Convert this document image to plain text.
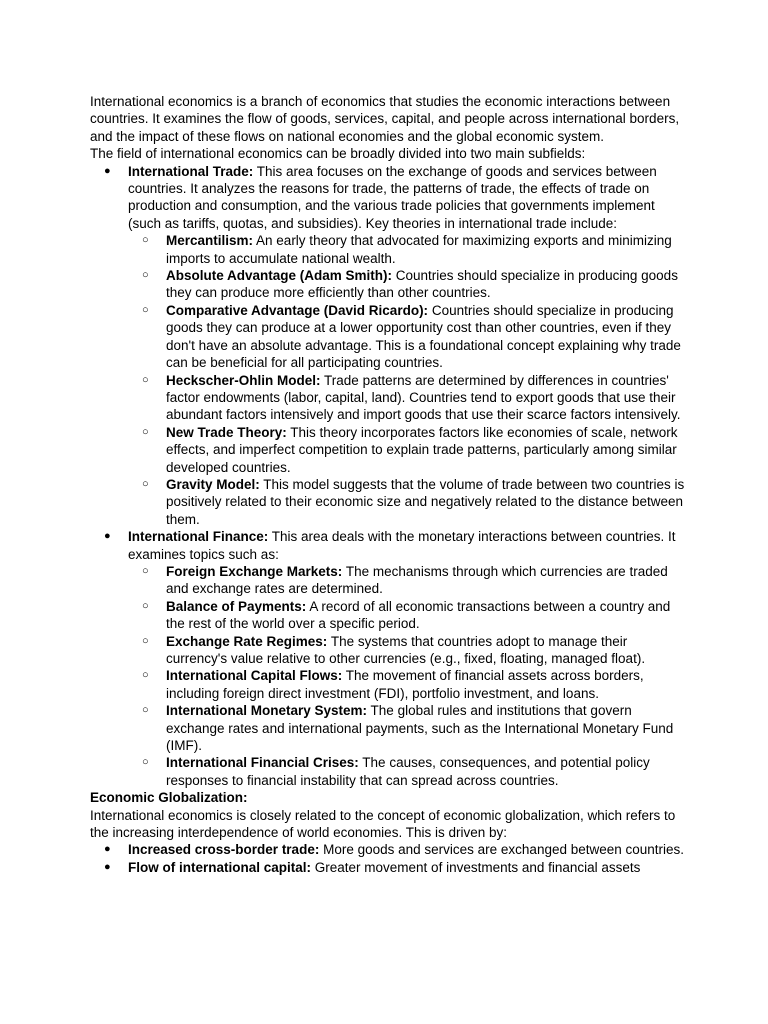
International economics is a branch of economics that studies the economic interactions between countries. It examines the flow of goods, services, capital, and people across international borders, and the impact of these flows on national economies and the global economic system.

The field of international economics can be broadly divided into two main subfields:

● International Trade: This area focuses on the exchange of goods and services between countries. It analyzes the reasons for trade, the patterns of trade, the effects of trade on production and consumption, and the various trade policies that governments implement (such as tariffs, quotas, and subsidies). Key theories in international trade include:
○ Mercantilism: An early theory that advocated for maximizing exports and minimizing imports to accumulate national wealth.
○ Absolute Advantage (Adam Smith): Countries should specialize in producing goods they can produce more efficiently than other countries.
○ Comparative Advantage (David Ricardo): Countries should specialize in producing goods they can produce at a lower opportunity cost than other countries, even if they don't have an absolute advantage. This is a foundational concept explaining why trade can be beneficial for all participating countries.
○ Heckscher-Ohlin Model: Trade patterns are determined by differences in countries' factor endowments (labor, capital, land). Countries tend to export goods that use their abundant factors intensively and import goods that use their scarce factors intensively.
○ New Trade Theory: This theory incorporates factors like economies of scale, network effects, and imperfect competition to explain trade patterns, particularly among similar developed countries.
○ Gravity Model: This model suggests that the volume of trade between two countries is positively related to their economic size and negatively related to the distance between them.
● International Finance: This area deals with the monetary interactions between countries. It examines topics such as:
○ Foreign Exchange Markets: The mechanisms through which currencies are traded and exchange rates are determined.
○ Balance of Payments: A record of all economic transactions between a country and the rest of the world over a specific period.
○ Exchange Rate Regimes: The systems that countries adopt to manage their currency's value relative to other currencies (e.g., fixed, floating, managed float).
○ International Capital Flows: The movement of financial assets across borders, including foreign direct investment (FDI), portfolio investment, and loans.
○ International Monetary System: The global rules and institutions that govern exchange rates and international payments, such as the International Monetary Fund (IMF).
○ International Financial Crises: The causes, consequences, and potential policy responses to financial instability that can spread across countries.

Economic Globalization:

International economics is closely related to the concept of economic globalization, which refers to the increasing interdependence of world economies. This is driven by:

● Increased cross-border trade: More goods and services are exchanged between countries.
● Flow of international capital: Greater movement of investments and financial assets
